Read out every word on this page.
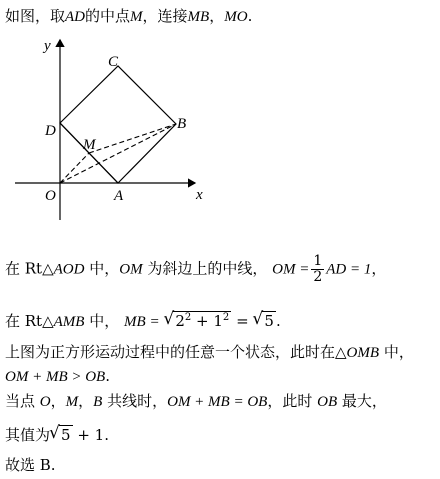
如图，取AD的中点M，连接MB，MO.
y
x
C
D
M
B
O	A
在 Rt△AOD 中，OM 为斜边上的中线， OM = $\frac{1}{2}$ AD = 1，
在 Rt△AMB 中， MB = √ $2^2 + 1^2$ = √ 5 .
上图为正方形运动过程中的任意一个状态，此时在△OMB 中，
OM + MB > OB.
当点 O，M，B 共线时，OM + MB = OB，此时 OB 最大，
其值为 √ 5 + 1.
故选 B.
